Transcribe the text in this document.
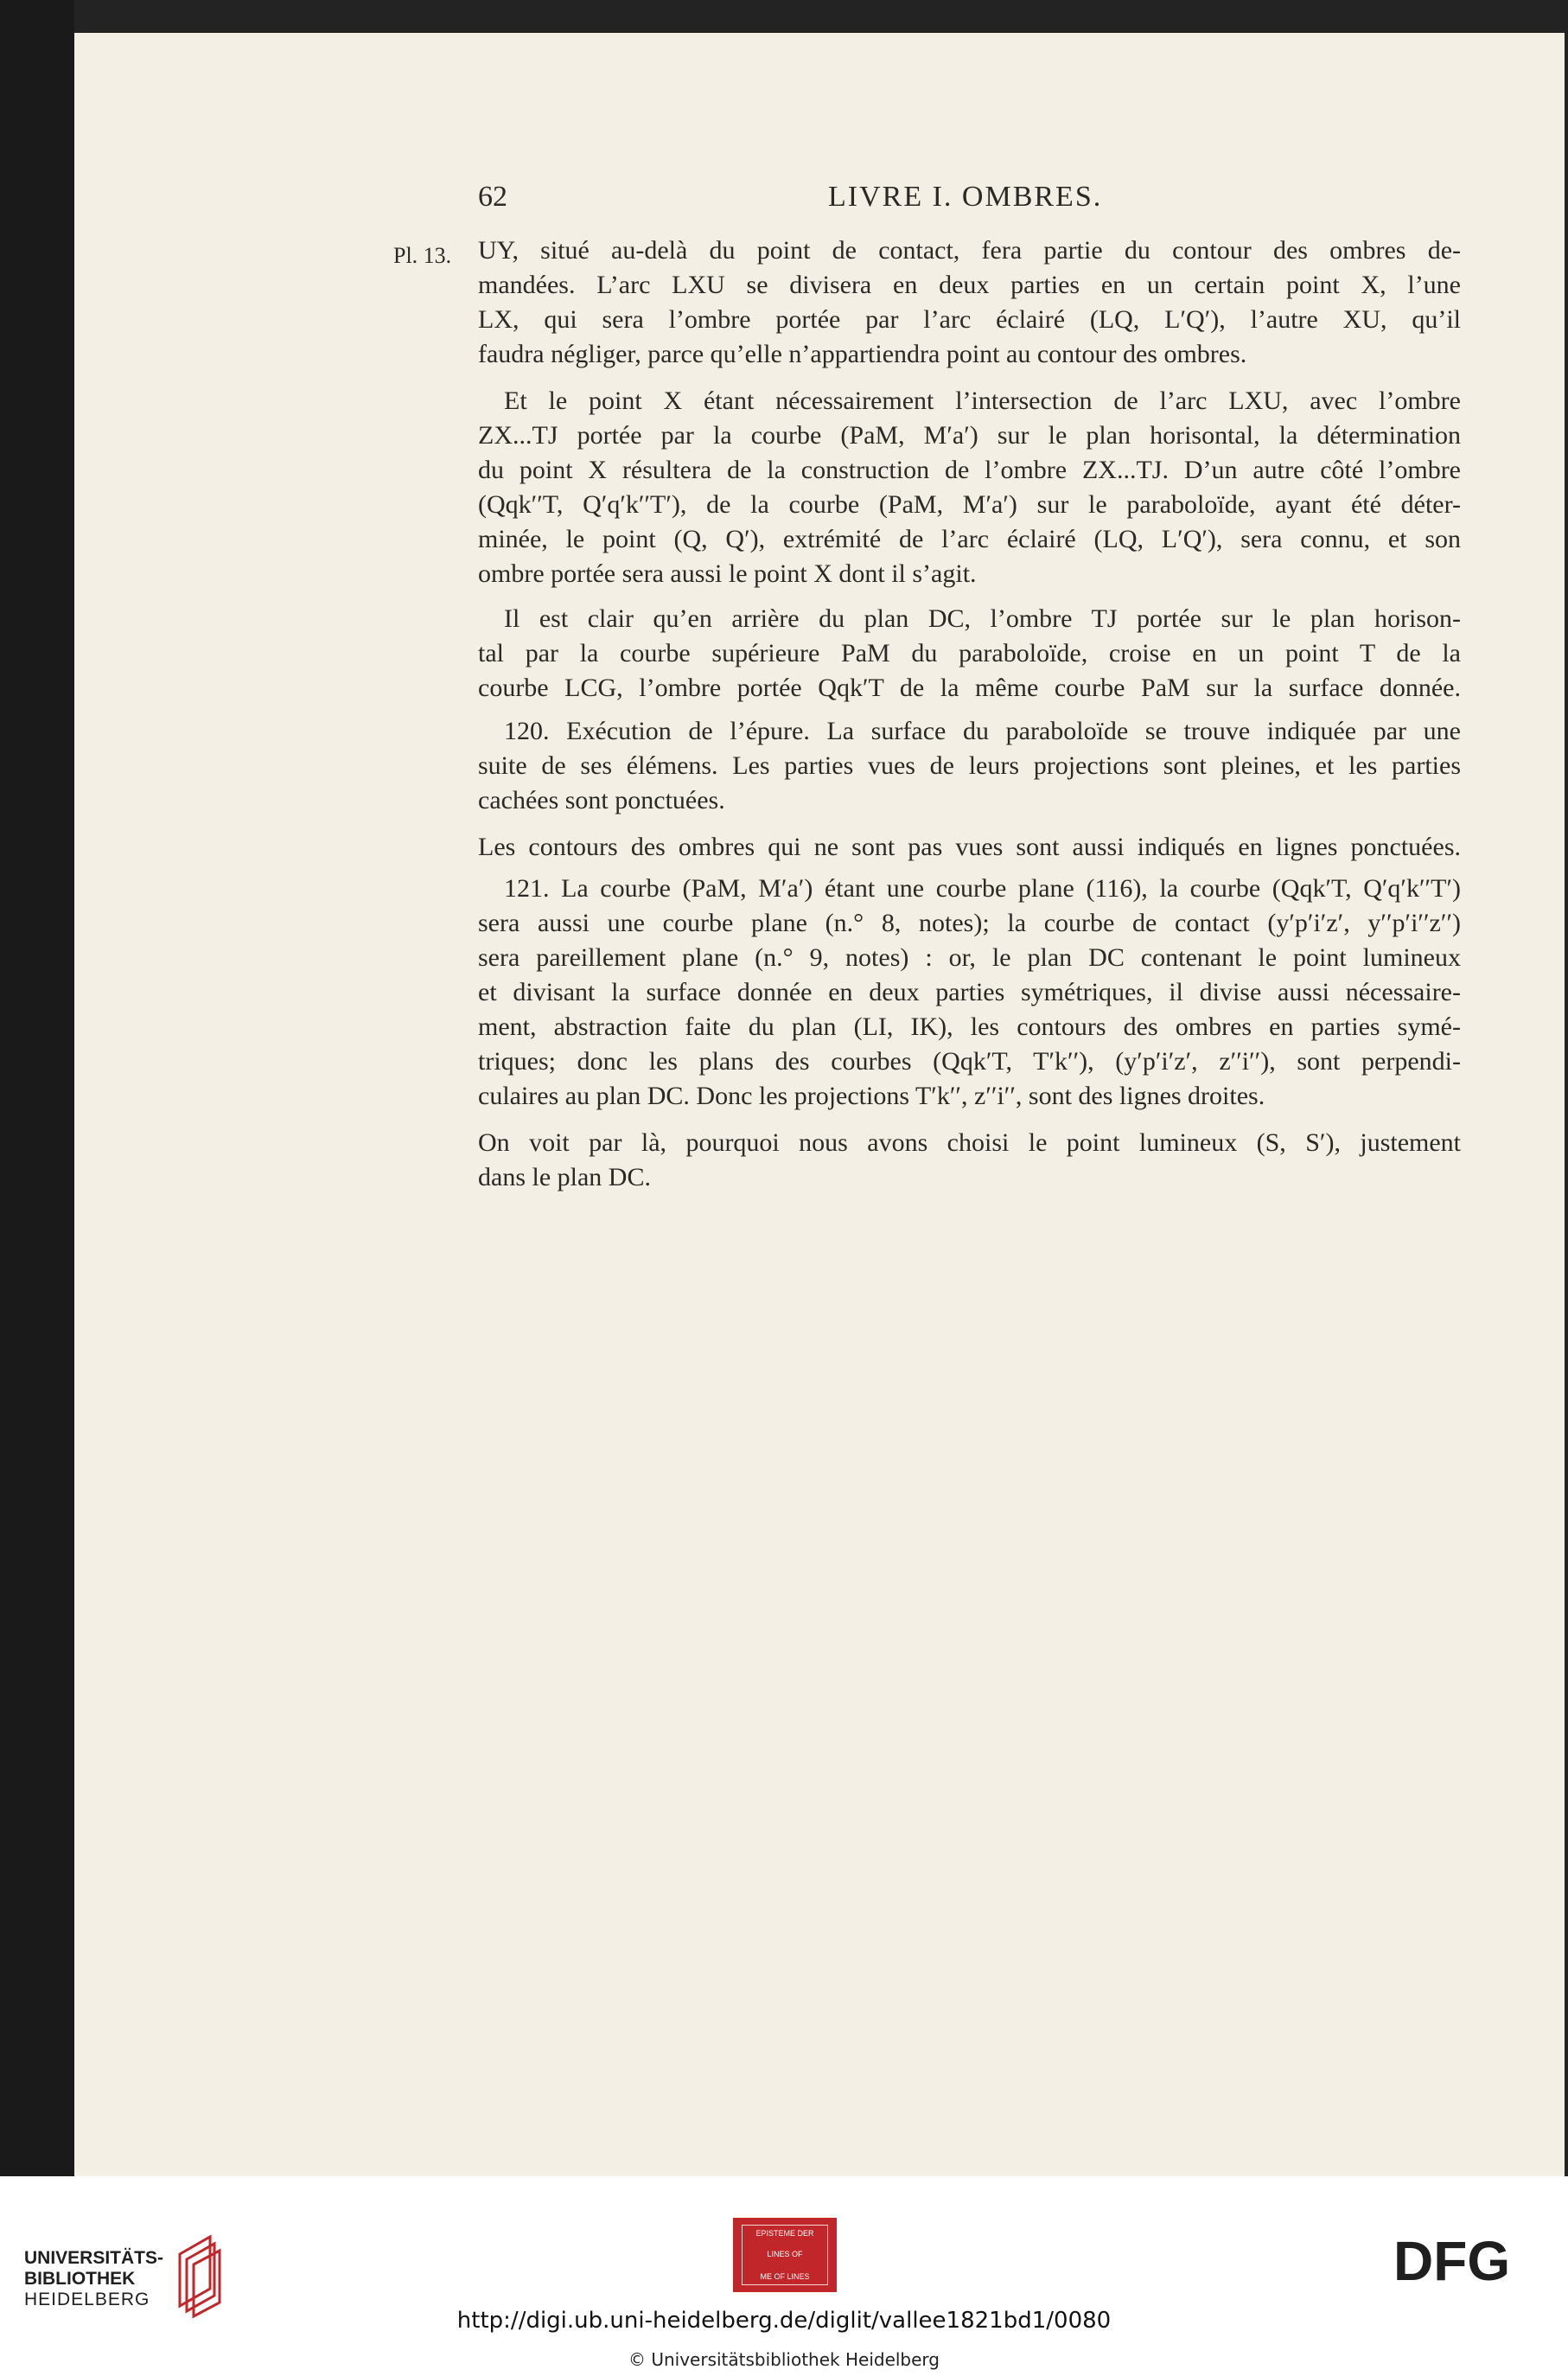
62	LIVRE I. OMBRES.
Pl. 13. UY, situé au-delà du point de contact, fera partie du contour des ombres de-
mandées. L’arc LXU se divisera en deux parties en un certain point X, l’une
LX, qui sera l’ombre portée par l’arc éclairé (LQ, L′Q′), l’autre XU, qu’il
faudra négliger, parce qu’elle n’appartiendra point au contour des ombres.
Et le point X étant nécessairement l’intersection de l’arc LXU, avec l’ombre
ZX...TJ portée par la courbe (PaM, M′a′) sur le plan horisontal, la détermination
du point X résultera de la construction de l’ombre ZX...TJ. D’un autre côté l’ombre
(Qqk′′T, Q′q′k′′T′), de la courbe (PaM, M′a′) sur le paraboloïde, ayant été déter-
minée, le point (Q, Q′), extrémité de l’arc éclairé (LQ, L′Q′), sera connu, et son
ombre portée sera aussi le point X dont il s’agit.
Il est clair qu’en arrière du plan DC, l’ombre TJ portée sur le plan horison-
tal par la courbe supérieure PaM du paraboloïde, croise en un point T de la
courbe LCG, l’ombre portée Qqk′T de la même courbe PaM sur la surface donnée.
120. Exécution de l’épure. La surface du paraboloïde se trouve indiquée par une
suite de ses élémens. Les parties vues de leurs projections sont pleines, et les parties
cachées sont ponctuées.
Les contours des ombres qui ne sont pas vues sont aussi indiqués en lignes ponctuées.
121. La courbe (PaM, M′a′) étant une courbe plane (116), la courbe (Qqk′T, Q′q′k′′T′)
sera aussi une courbe plane (n.° 8, notes); la courbe de contact (y′p′i′z′, y′′p′i′′z′′)
sera pareillement plane (n.° 9, notes) : or, le plan DC contenant le point lumineux
et divisant la surface donnée en deux parties symétriques, il divise aussi nécessaire-
ment, abstraction faite du plan (LI, IK), les contours des ombres en parties symé-
triques; donc les plans des courbes (Qqk′T, T′k′′), (y′p′i′z′, z′′i′′), sont perpendi-
culaires au plan DC. Donc les projections T′k′′, z′′i′′, sont des lignes droites.
On voit par là, pourquoi nous avons choisi le point lumineux (S, S′), justement
dans le plan DC.
UNIVERSITÄTS-
BIBLIOTHEK
HEIDELBERG
EPISTEME DER
LINES OF
ME OF LINES	DFG
http://digi.ub.uni-heidelberg.de/diglit/vallee1821bd1/0080
© Universitätsbibliothek Heidelberg
